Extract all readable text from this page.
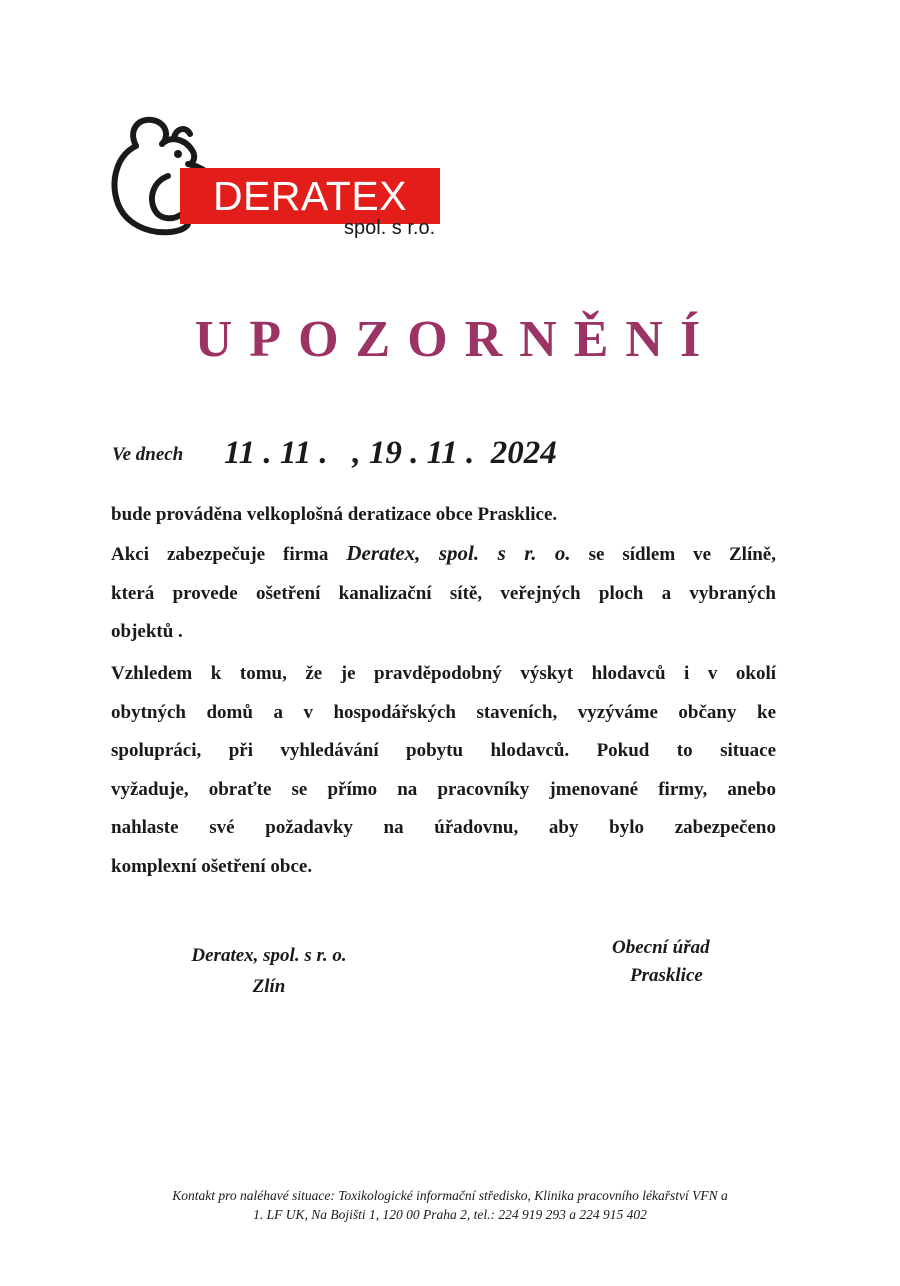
DERATEX
spol. s r.o.
UPOZORNĚNÍ
Ve dnech 11 . 11 .   , 19 . 11 .  2024
bude prováděna velkoplošná deratizace obce Prasklice.
Akci zabezpečuje firma Deratex, spol. s r. o. se sídlem ve Zlíně,
která provede ošetření kanalizační sítě, veřejných ploch a vybraných
objektů .
Vzhledem k tomu, že je pravděpodobný výskyt hlodavců i v okolí
obytných domů a v hospodářských staveních, vyzýváme občany ke
spolupráci, při vyhledávání pobytu hlodavců. Pokud to situace
vyžaduje, obraťte se přímo na pracovníky jmenované firmy, anebo
nahlaste své požadavky na úřadovnu, aby bylo zabezpečeno
komplexní ošetření obce.
Deratex, spol. s r. o.
Zlín
Obecní úřad
Prasklice
Kontakt pro naléhavé situace: Toxikologické informační středisko, Klinika pracovního lékařství VFN a
1. LF UK, Na Bojišti 1, 120 00 Praha 2, tel.: 224 919 293 a 224 915 402
